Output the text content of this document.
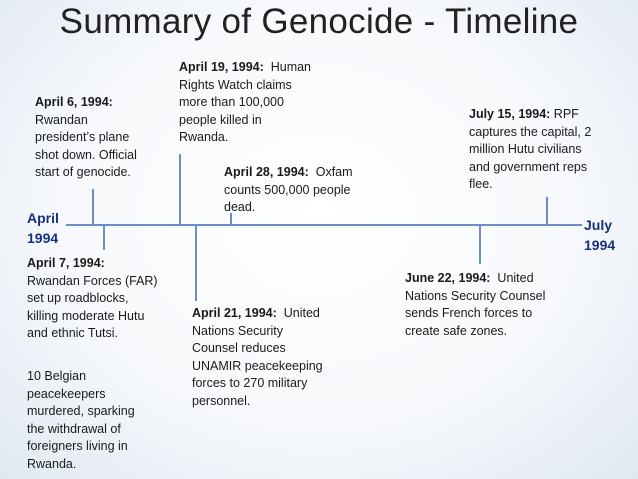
Summary of Genocide - Timeline
April
1994
July
1994
April 6, 1994:
Rwandan
president’s plane
shot down. Official
start of genocide.
April 7, 1994:
Rwandan Forces (FAR)
set up roadblocks,
killing moderate Hutu
and ethnic Tutsi.
10 Belgian
peacekeepers
murdered, sparking
the withdrawal of
foreigners living in
Rwanda.
April 19, 1994: Human
Rights Watch claims
more than 100,000
people killed in
Rwanda.
April 28, 1994: Oxfam
counts 500,000 people
dead.
April 21, 1994: United
Nations Security
Counsel reduces
UNAMIR peacekeeping
forces to 270 military
personnel.
June 22, 1994: United
Nations Security Counsel
sends French forces to
create safe zones.
July 15, 1994: RPF
captures the capital, 2
million Hutu civilians
and government reps
flee.
